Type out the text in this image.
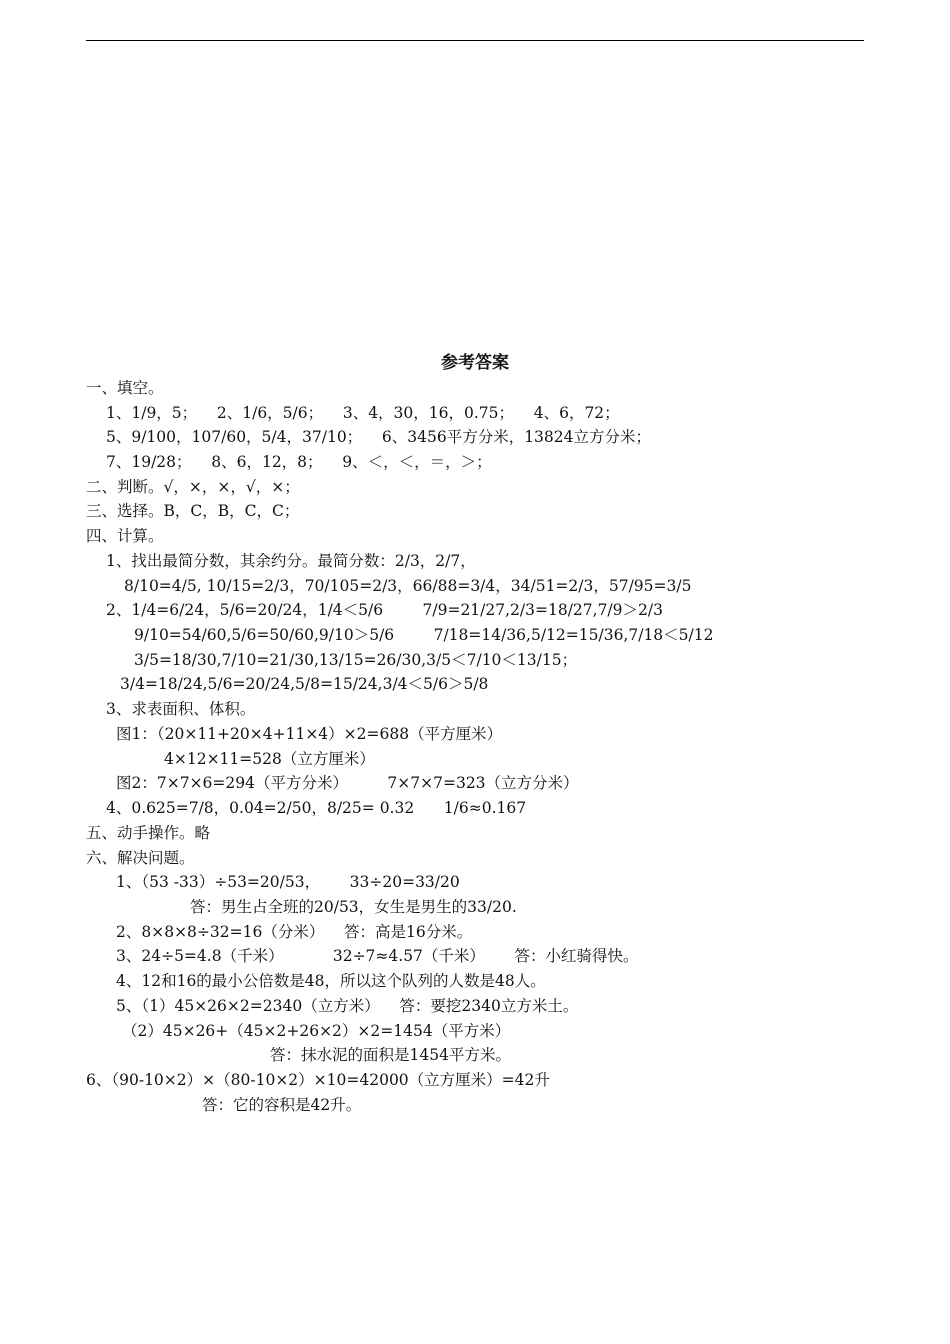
参考答案
一、填空。
1、1/9，5；    2、1/6，5/6；    3、4，30，16，0.75；    4、6，72；
5、9/100，107/60，5/4，37/10；    6、3456平方分米，13824立方分米；
7、19/28；    8、6，12，8；    9、＜，＜，＝，＞；
二、判断。√，×，×，√，×；
三、选择。B，C，B，C，C；
四、计算。
1、找出最简分数，其余约分。最简分数：2/3，2/7，
8/10=4/5, 10/15=2/3，70/105=2/3，66/88=3/4，34/51=2/3，57/95=3/5
2、1/4=6/24，5/6=20/24，1/4＜5/6        7/9=21/27,2/3=18/27,7/9＞2/3
9/10=54/60,5/6=50/60,9/10＞5/6        7/18=14/36,5/12=15/36,7/18＜5/12
3/5=18/30,7/10=21/30,13/15=26/30,3/5＜7/10＜13/15；
3/4=18/24,5/6=20/24,5/8=15/24,3/4＜5/6＞5/8
3、求表面积、体积。
图1：（20×11+20×4+11×4）×2=688（平方厘米）
4×12×11=528（立方厘米）
图2：7×7×6=294（平方分米）        7×7×7=323（立方分米）
4、0.625=7/8，0.04=2/50，8/25= 0.32      1/6≈0.167
五、动手操作。略
六、解决问题。
1、（53 -33）÷53=20/53，      33÷20=33/20
答：男生占全班的20/53，女生是男生的33/20.
2、8×8×8÷32=16（分米）    答：高是16分米。
3、24÷5=4.8（千米）          32÷7≈4.57（千米）      答：小红骑得快。
4、12和16的最小公倍数是48，所以这个队列的人数是48人。
5、（1）45×26×2=2340（立方米）    答：要挖2340立方米土。
（2）45×26+（45×2+26×2）×2=1454（平方米）
答：抹水泥的面积是1454平方米。
6、（90-10×2）×（80-10×2）×10=42000（立方厘米）=42升
答：它的容积是42升。
